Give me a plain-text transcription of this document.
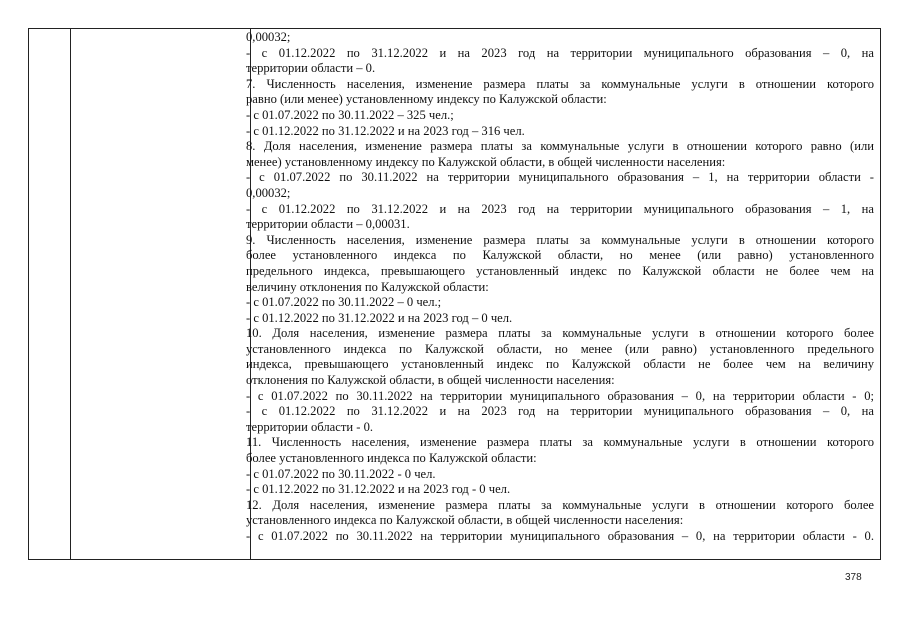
0,00032;
- с 01.12.2022 по 31.12.2022 и на 2023 год на территории муниципального образования – 0, на
территории области – 0.
7. Численность населения, изменение размера платы за коммунальные услуги в отношении которого
равно (или менее) установленному индексу по Калужской области:
- с 01.07.2022 по 30.11.2022 – 325 чел.;
- с 01.12.2022 по 31.12.2022 и на 2023 год – 316 чел.
8. Доля населения, изменение размера платы за коммунальные услуги в отношении которого равно (или
менее) установленному индексу по Калужской области, в общей численности населения:
- с 01.07.2022 по 30.11.2022 на территории муниципального образования – 1, на территории области -
0,00032;
- с 01.12.2022 по 31.12.2022 и на 2023 год на территории муниципального образования – 1, на
территории области – 0,00031.
9. Численность населения, изменение размера платы за коммунальные услуги в отношении которого
более установленного индекса по Калужской области, но менее (или равно) установленного
предельного индекса, превышающего установленный индекс по Калужской области не более чем на
величину отклонения по Калужской области:
- с 01.07.2022 по 30.11.2022 – 0 чел.;
- с 01.12.2022 по 31.12.2022 и на 2023 год – 0 чел.
10. Доля населения, изменение размера платы за коммунальные услуги в отношении которого более
установленного индекса по Калужской области, но менее (или равно) установленного предельного
индекса, превышающего установленный индекс по Калужской области не более чем на величину
отклонения по Калужской области, в общей численности населения:
- с 01.07.2022 по 30.11.2022 на территории муниципального образования – 0, на территории области - 0;
- с 01.12.2022 по 31.12.2022 и на 2023 год на территории муниципального образования – 0, на
территории области - 0.
11. Численность населения, изменение размера платы за коммунальные услуги в отношении которого
более установленного индекса по Калужской области:
- с 01.07.2022 по 30.11.2022 - 0 чел.
- с 01.12.2022 по 31.12.2022 и на 2023 год - 0 чел.
12. Доля населения, изменение размера платы за коммунальные услуги в отношении которого более
установленного индекса по Калужской области, в общей численности населения:
- с 01.07.2022 по 30.11.2022 на территории муниципального образования – 0, на территории области - 0.
378
